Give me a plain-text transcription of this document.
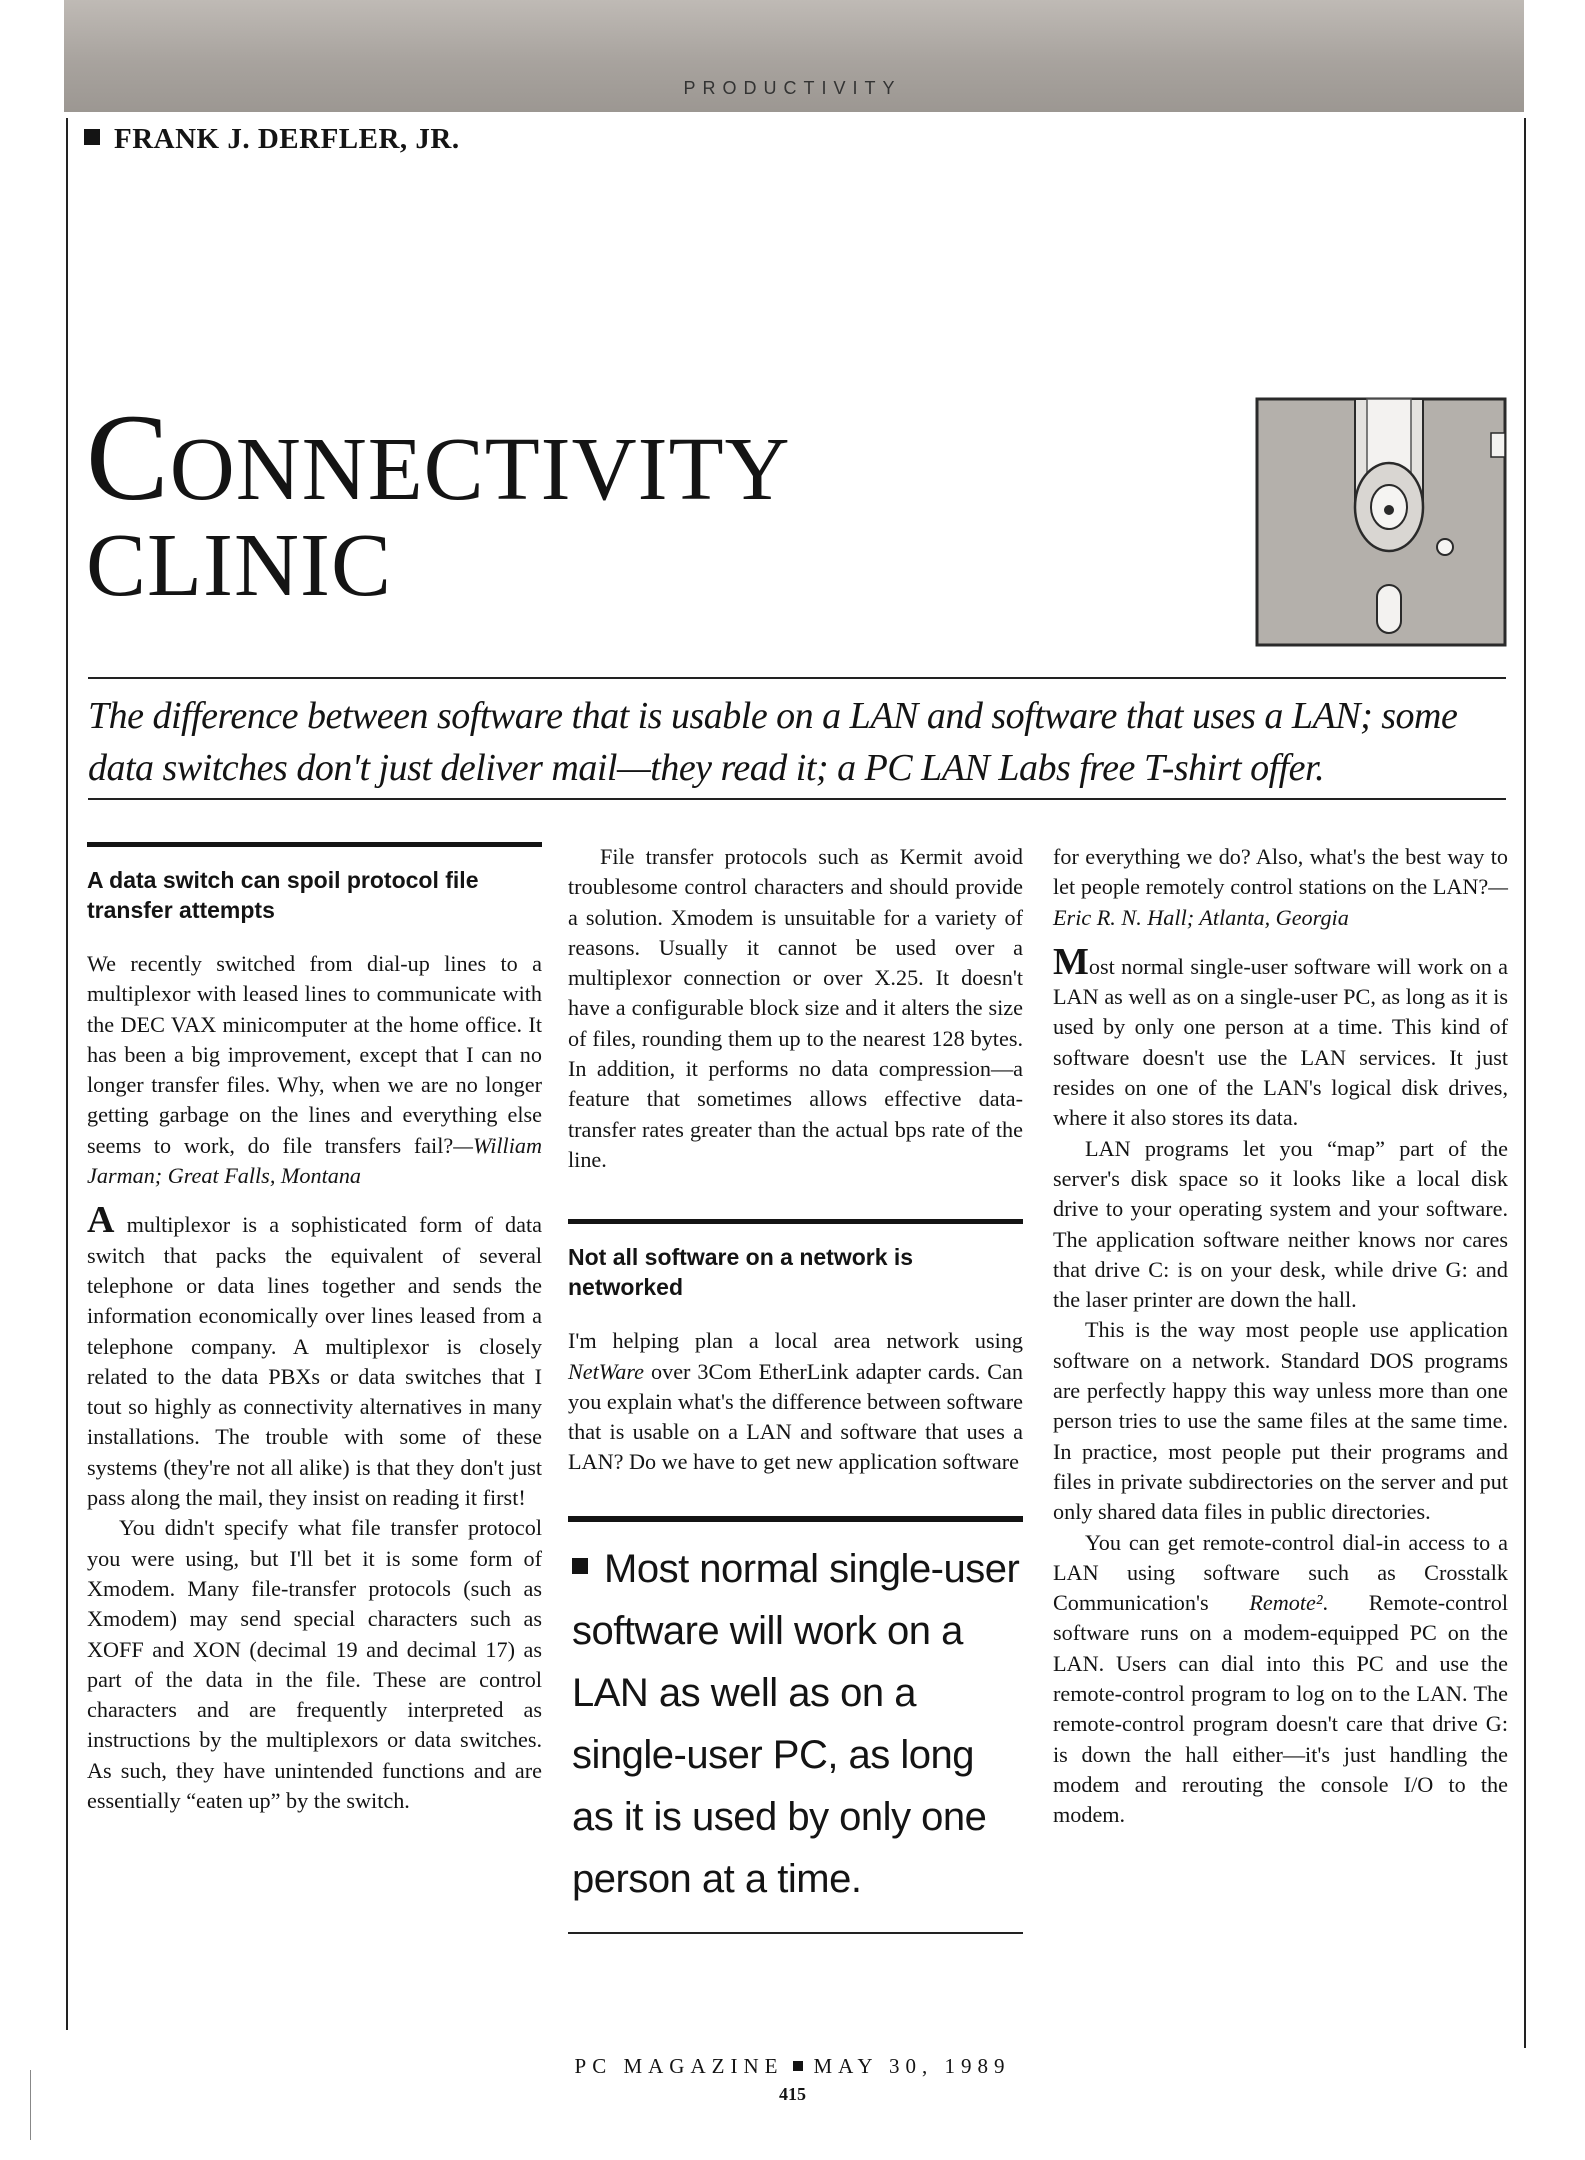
PRODUCTIVITY
FRANK J. DERFLER, JR.
CONNECTIVITY
CLINIC

The difference between software that is usable on a LAN and software that uses a LAN; some data switches don't just deliver mail—they read it; a PC LAN Labs free T-shirt offer.

A data switch can spoil protocol file transfer attempts

We recently switched from dial-up lines to a multiplexor with leased lines to communicate with the DEC VAX minicomputer at the home office. It has been a big improvement, except that I can no longer transfer files. Why, when we are no longer getting garbage on the lines and everything else seems to work, do file transfers fail?—William Jarman; Great Falls, Montana

A multiplexor is a sophisticated form of data switch that packs the equivalent of several telephone or data lines together and sends the information economically over lines leased from a telephone company. A multiplexor is closely related to the data PBXs or data switches that I tout so highly as connectivity alternatives in many installations. The trouble with some of these systems (they're not all alike) is that they don't just pass along the mail, they insist on reading it first!

You didn't specify what file transfer protocol you were using, but I'll bet it is some form of Xmodem. Many file-transfer protocols (such as Xmodem) may send special characters such as XOFF and XON (decimal 19 and decimal 17) as part of the data in the file. These are control characters and are frequently interpreted as instructions by the multiplexors or data switches. As such, they have unintended functions and are essentially “eaten up” by the switch.

File transfer protocols such as Kermit avoid troublesome control characters and should provide a solution. Xmodem is unsuitable for a variety of reasons. Usually it cannot be used over a multiplexor connection or over X.25. It doesn't have a configurable block size and it alters the size of files, rounding them up to the nearest 128 bytes. In addition, it performs no data compression—a feature that sometimes allows effective data-transfer rates greater than the actual bps rate of the line.

Not all software on a network is networked

I'm helping plan a local area network using NetWare over 3Com EtherLink adapter cards. Can you explain what's the difference between software that is usable on a LAN and software that uses a LAN? Do we have to get new application software

Most normal single-user software will work on a LAN as well as on a single-user PC, as long as it is used by only one person at a time.

for everything we do? Also, what's the best way to let people remotely control stations on the LAN?—Eric R. N. Hall; Atlanta, Georgia

Most normal single-user software will work on a LAN as well as on a single-user PC, as long as it is used by only one person at a time. This kind of software doesn't use the LAN services. It just resides on one of the LAN's logical disk drives, where it also stores its data.

LAN programs let you “map” part of the server's disk space so it looks like a local disk drive to your operating system and your software. The application software neither knows nor cares that drive C: is on your desk, while drive G: and the laser printer are down the hall.

This is the way most people use application software on a network. Standard DOS programs are perfectly happy this way unless more than one person tries to use the same files at the same time. In practice, most people put their programs and files in private subdirectories on the server and put only shared data files in public directories.

You can get remote-control dial-in access to a LAN using software such as Crosstalk Communication's Remote². Remote-control software runs on a modem-equipped PC on the LAN. Users can dial into this PC and use the remote-control program to log on to the LAN. The remote-control program doesn't care that drive G: is down the hall either—it's just handling the modem and rerouting the console I/O to the modem.

PC MAGAZINE MAY 30, 1989
415
